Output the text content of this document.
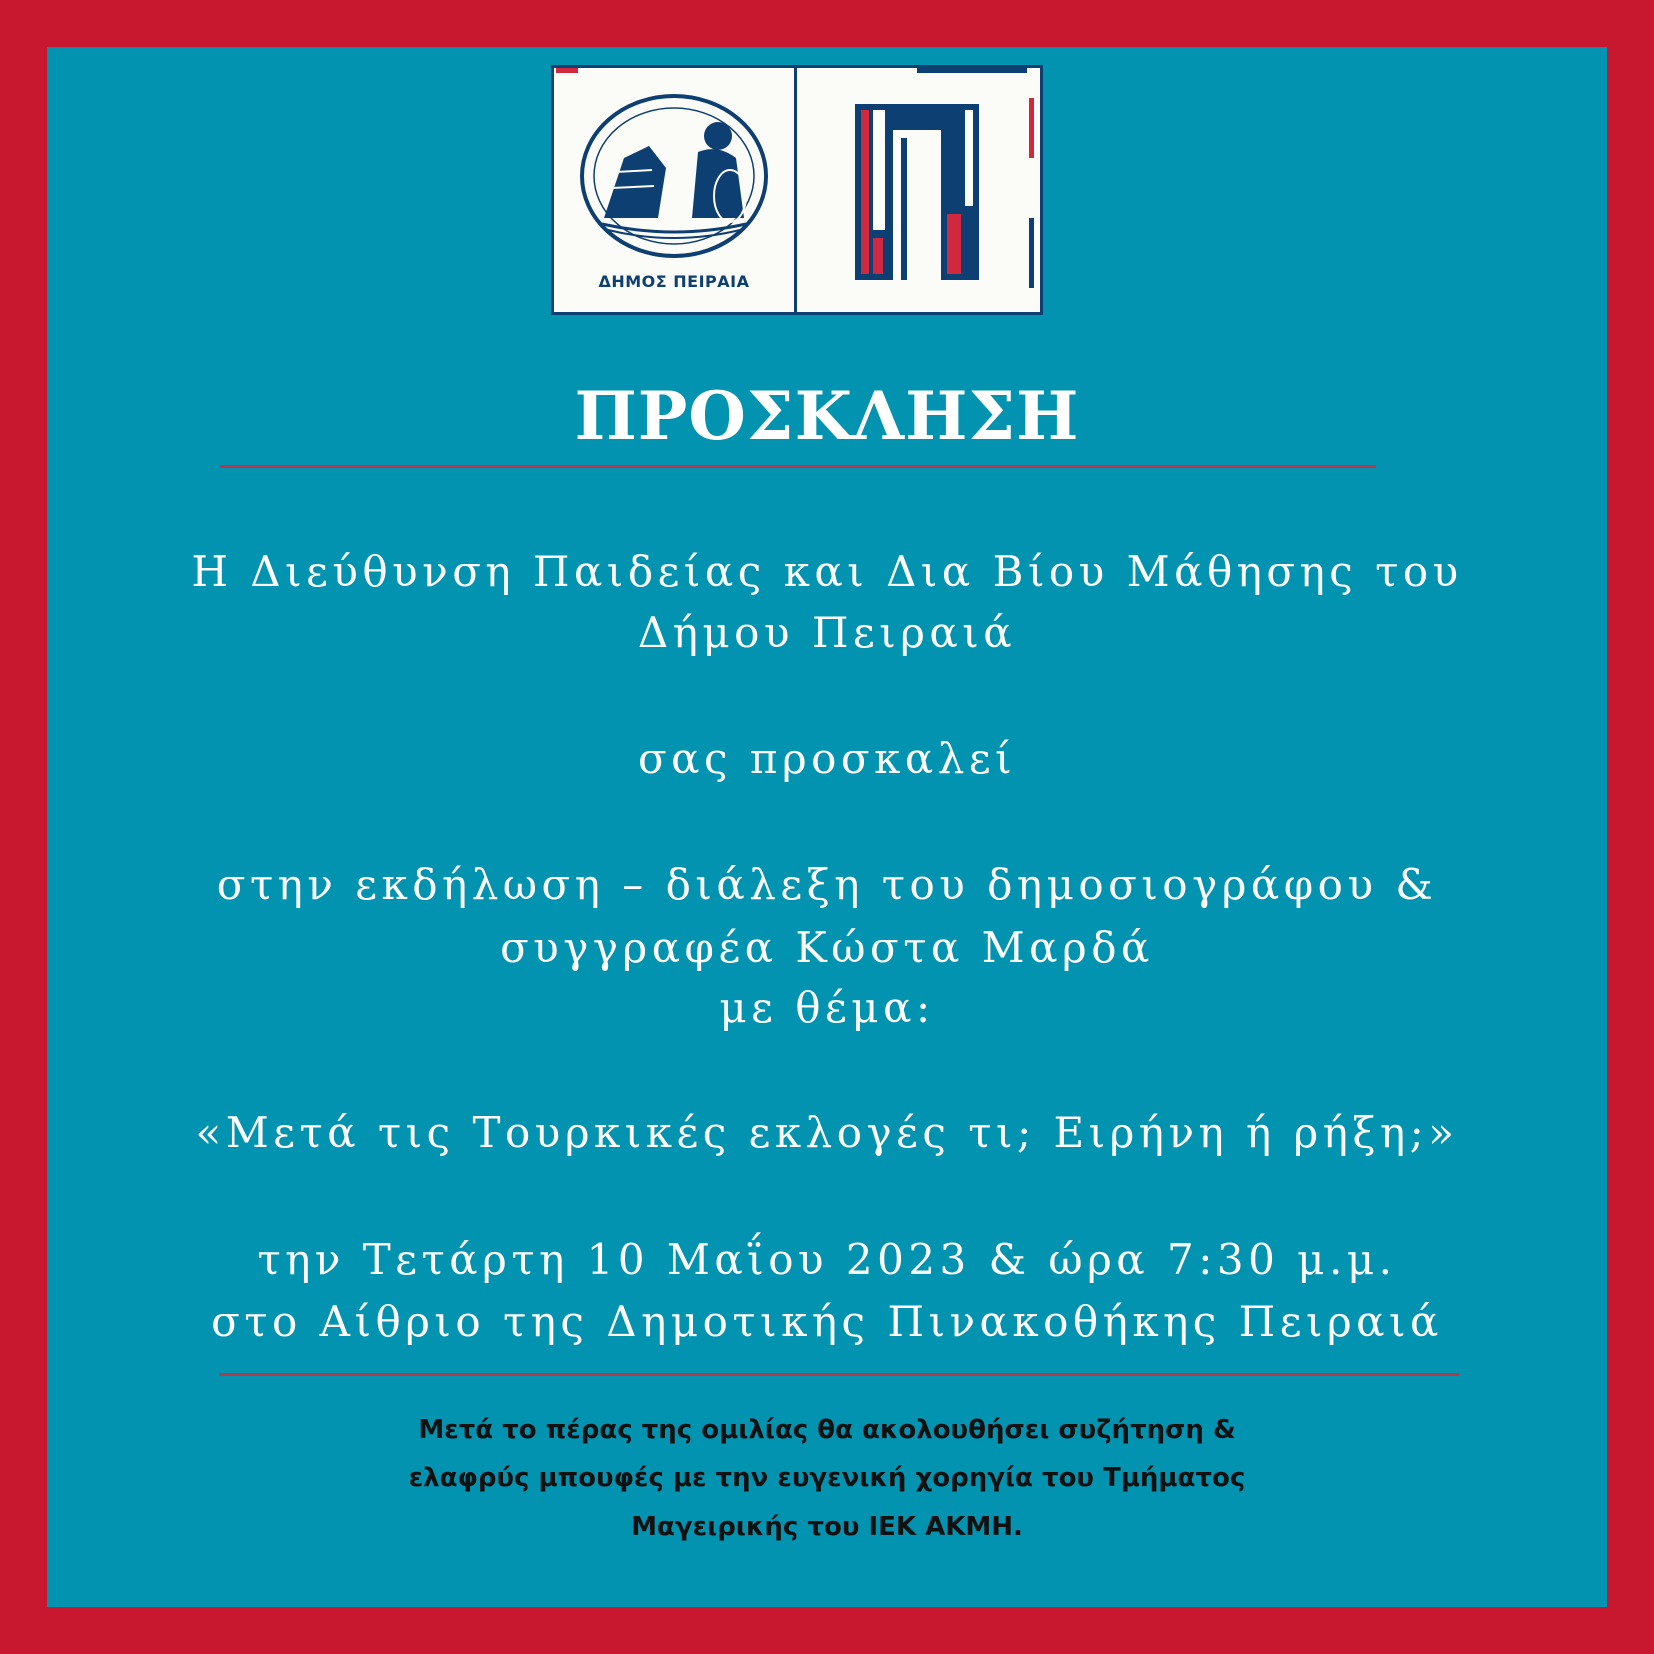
ΔΗΜΟΣ ΠΕΙΡΑΙΑ
ΠΡΟΣΚΛΗΣΗ
Η Διεύθυνση Παιδείας και Δια Βίου Μάθησης του
Δήμου Πειραιά
σας προσκαλεί
στην εκδήλωση – διάλεξη του δημοσιογράφου &
συγγραφέα Κώστα Μαρδά
με θέμα:
«Μετά τις Τουρκικές εκλογές τι; Ειρήνη ή ρήξη;»
την Τετάρτη 10 Μαΐου 2023 & ώρα 7:30 μ.μ.
στο Αίθριο της Δημοτικής Πινακοθήκης Πειραιά
Μετά το πέρας της ομιλίας θα ακολουθήσει συζήτηση &
ελαφρύς μπουφές με την ευγενική χορηγία του Τμήματος
Μαγειρικής του ΙΕΚ ΑΚΜΗ.
